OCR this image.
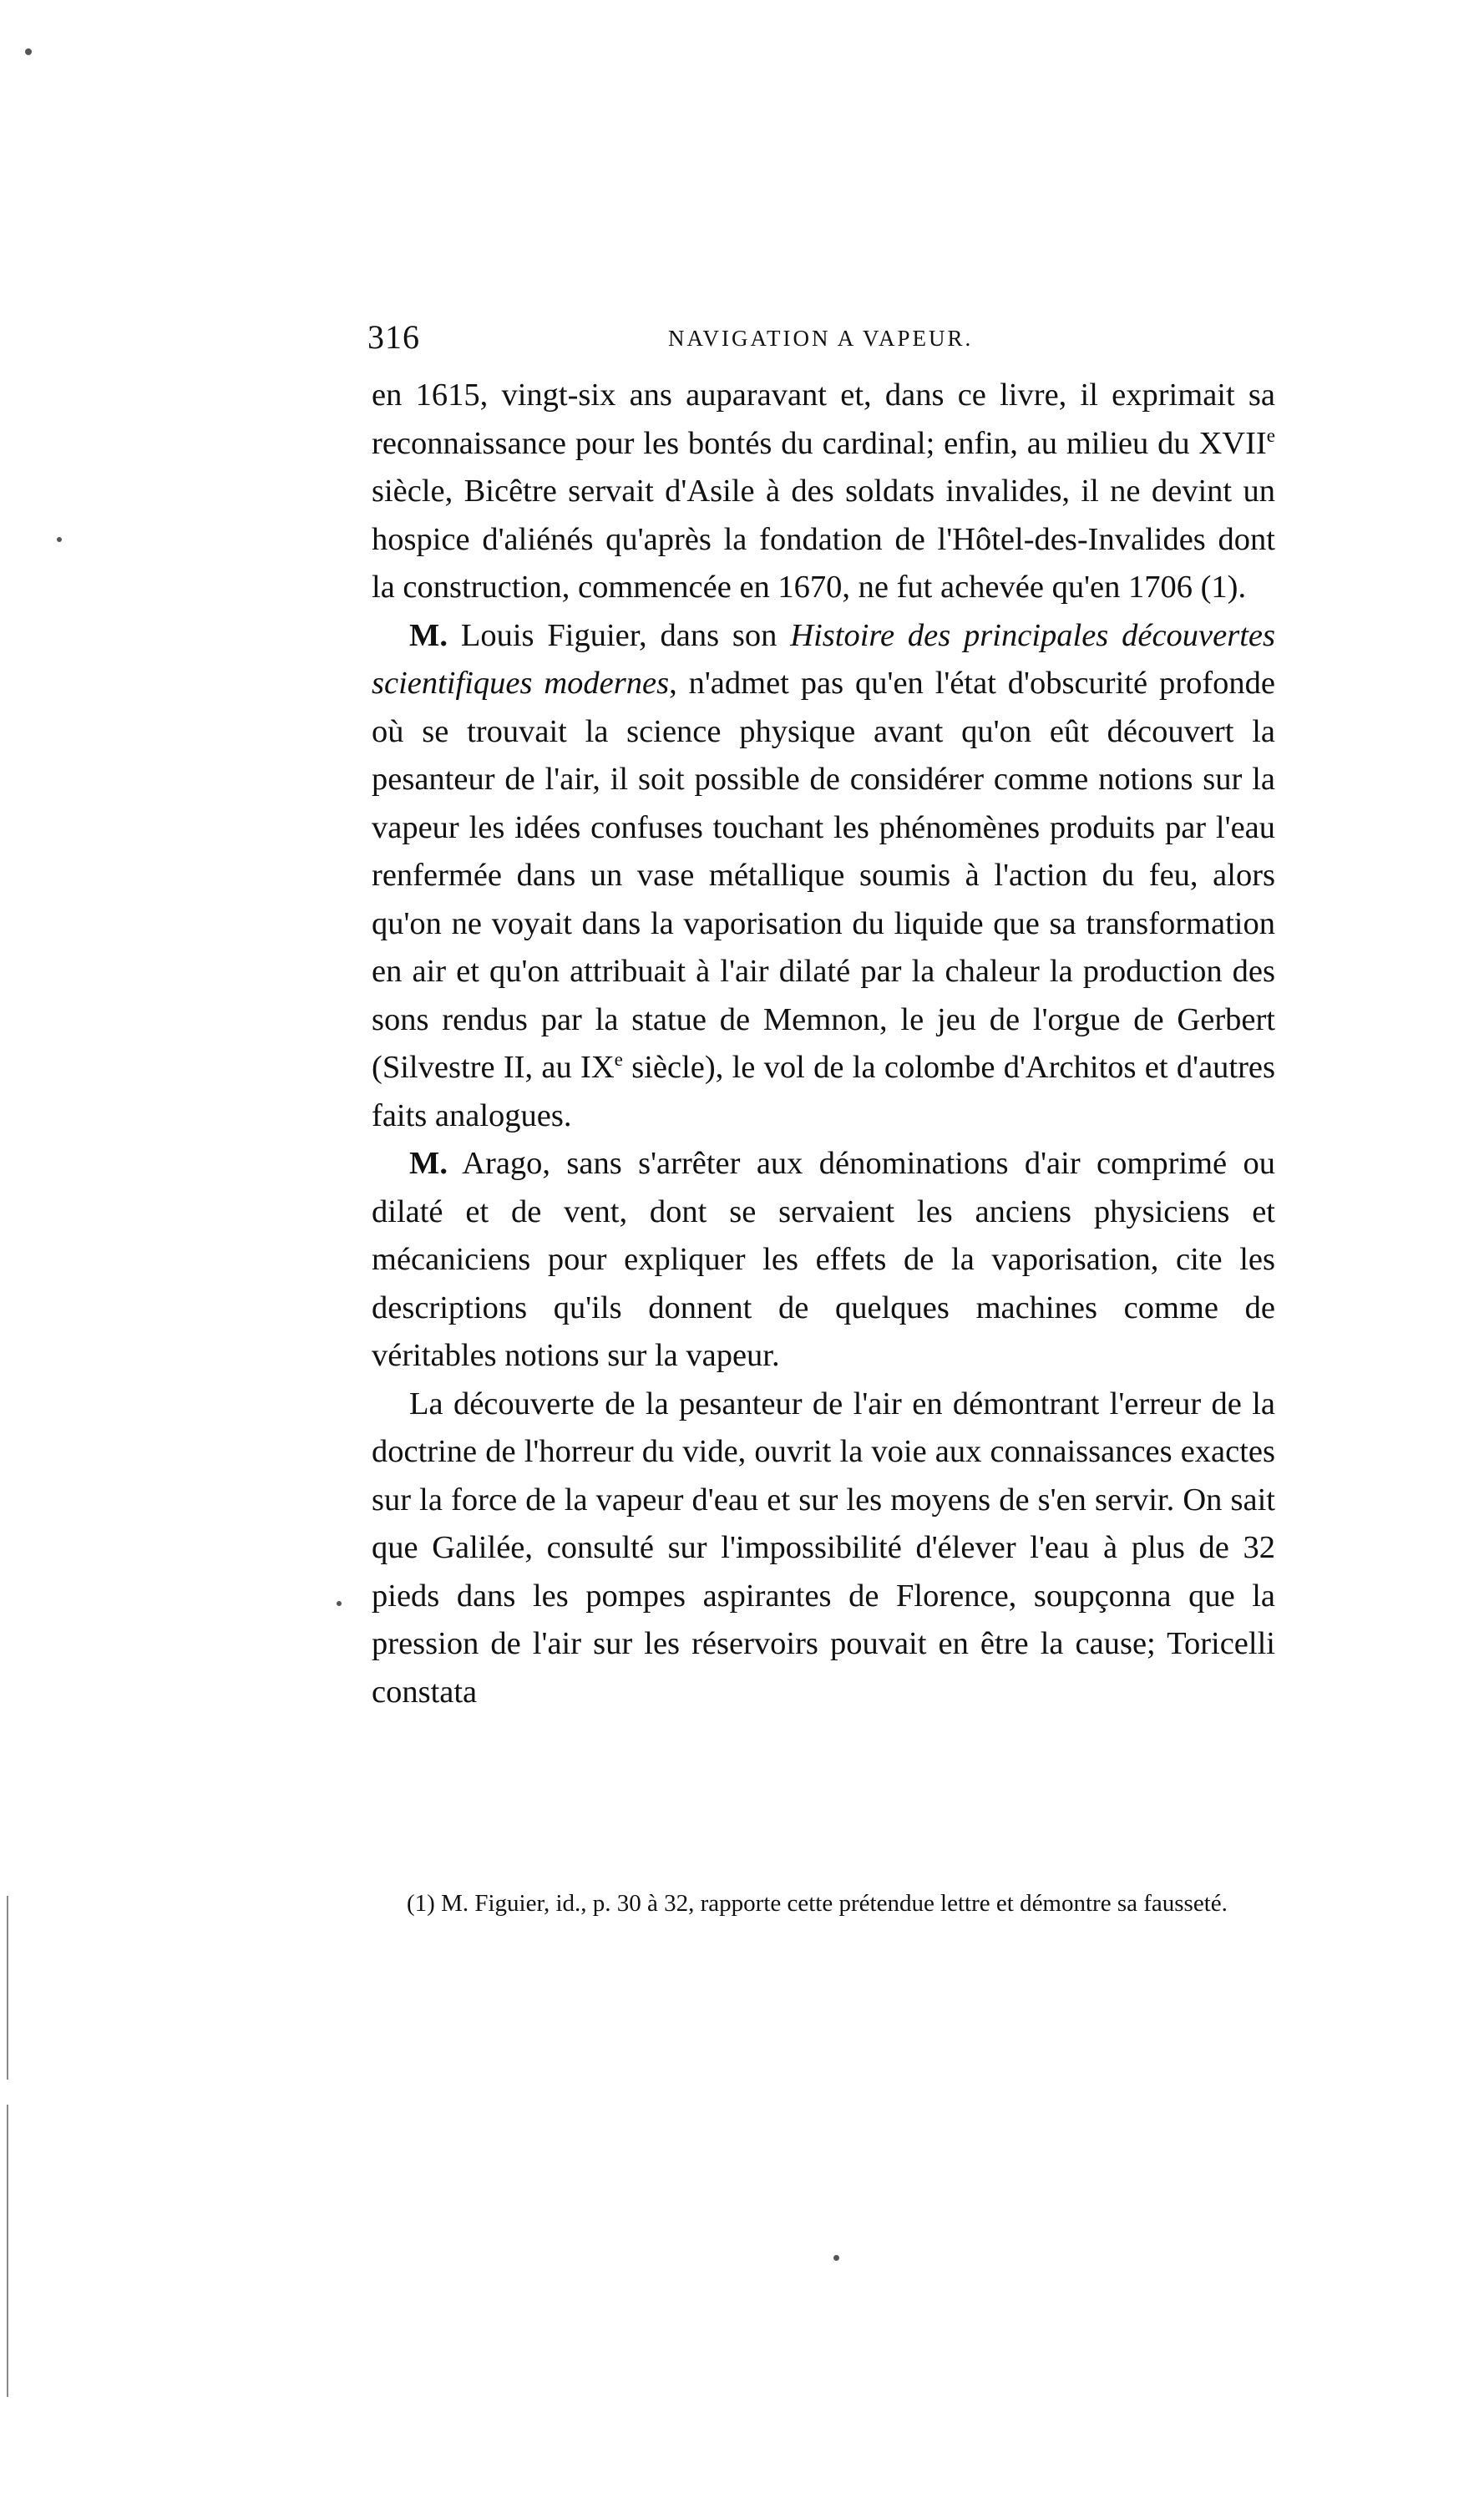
316	NAVIGATION A VAPEUR.

en 1615, vingt-six ans auparavant et, dans ce livre, il exprimait sa reconnaissance pour les bontés du cardinal; enfin, au milieu du XVIIe siècle, Bicêtre servait d'Asile à des soldats invalides, il ne devint un hospice d'aliénés qu'après la fondation de l'Hôtel-des-Invalides dont la construction, commencée en 1670, ne fut achevée qu'en 1706 (1).

M. Louis Figuier, dans son Histoire des principales découvertes scientifiques modernes, n'admet pas qu'en l'état d'obscurité profonde où se trouvait la science physique avant qu'on eût découvert la pesanteur de l'air, il soit possible de considérer comme notions sur la vapeur les idées confuses touchant les phénomènes produits par l'eau renfermée dans un vase métallique soumis à l'action du feu, alors qu'on ne voyait dans la vaporisation du liquide que sa transformation en air et qu'on attribuait à l'air dilaté par la chaleur la production des sons rendus par la statue de Memnon, le jeu de l'orgue de Gerbert (Silvestre II, au IXe siècle), le vol de la colombe d'Architos et d'autres faits analogues.

M. Arago, sans s'arrêter aux dénominations d'air comprimé ou dilaté et de vent, dont se servaient les anciens physiciens et mécaniciens pour expliquer les effets de la vaporisation, cite les descriptions qu'ils donnent de quelques machines comme de véritables notions sur la vapeur.

La découverte de la pesanteur de l'air en démontrant l'erreur de la doctrine de l'horreur du vide, ouvrit la voie aux connaissances exactes sur la force de la vapeur d'eau et sur les moyens de s'en servir. On sait que Galilée, consulté sur l'impossibilité d'élever l'eau à plus de 32 pieds dans les pompes aspirantes de Florence, soupçonna que la pression de l'air sur les réservoirs pouvait en être la cause; Toricelli constata

(1) M. Figuier, id., p. 30 à 32, rapporte cette prétendue lettre et démontre sa fausseté.
